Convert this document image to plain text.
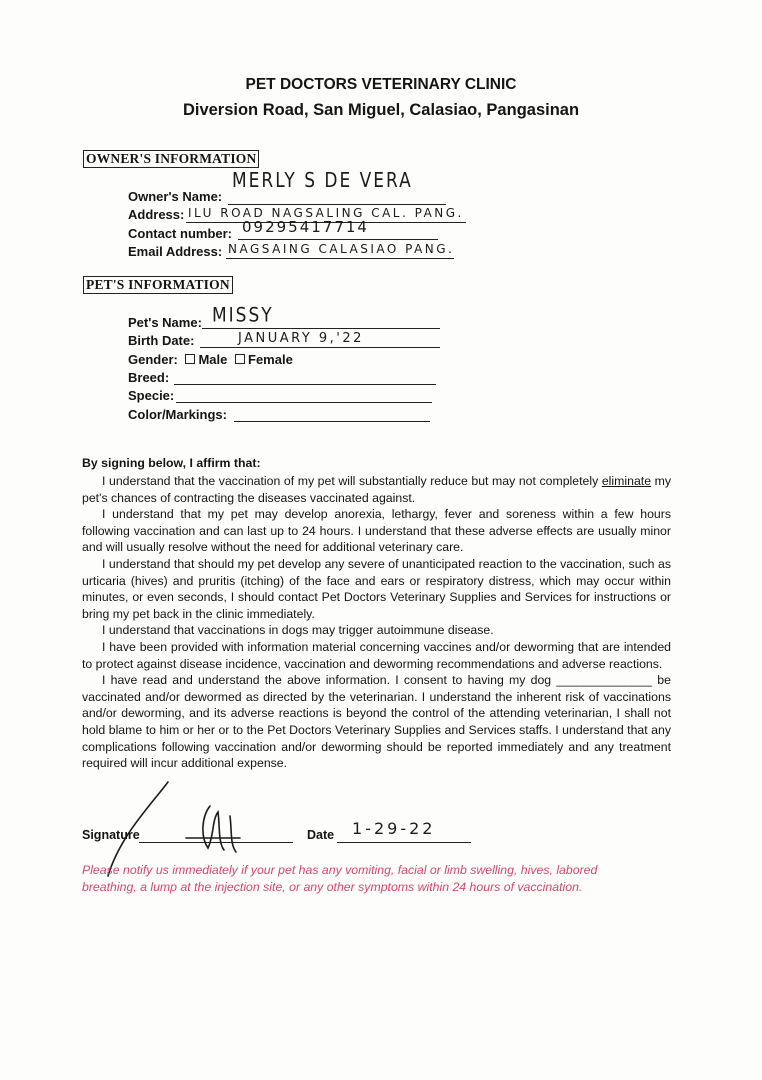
PET DOCTORS VETERINARY CLINIC
Diversion Road, San Miguel, Calasiao, Pangasinan
OWNER'S INFORMATION
Owner's Name:
MERLY S DE VERA
Address: ILU ROAD NAGSALING CAL. PANG.
Contact number: 09295417714
Email Address: NAGSAING CALASIAO PANG.
PET'S INFORMATION
Pet's Name: MISSY
Birth Date:	JANUARY 9,'22
Gender: Male Female
Breed:
Specie:
Color/Markings:
By signing below, I affirm that:

I understand that the vaccination of my pet will substantially reduce but may not completely eliminate my pet's chances of contracting the diseases vaccinated against.

I understand that my pet may develop anorexia, lethargy, fever and soreness within a few hours following vaccination and can last up to 24 hours. I understand that these adverse effects are usually minor and will usually resolve without the need for additional veterinary care.

I understand that should my pet develop any severe of unanticipated reaction to the vaccination, such as urticaria (hives) and pruritis (itching) of the face and ears or respiratory distress, which may occur within minutes, or even seconds, I should contact Pet Doctors Veterinary Supplies and Services for instructions or bring my pet back in the clinic immediately.

I understand that vaccinations in dogs may trigger autoimmune disease.

I have been provided with information material concerning vaccines and/or deworming that are intended to protect against disease incidence, vaccination and deworming recommendations and adverse reactions.

I have read and understand the above information. I consent to having my dog ______________ be vaccinated and/or dewormed as directed by the veterinarian. I understand the inherent risk of vaccinations and/or deworming, and its adverse reactions is beyond the control of the attending veterinarian, I shall not hold blame to him or her or to the Pet Doctors Veterinary Supplies and Services staffs. I understand that any complications following vaccination and/or deworming should be reported immediately and any treatment required will incur additional expense.

Signature	Date 1-29-22
Please notify us immediately if your pet has any vomiting, facial or limb swelling, hives, labored breathing, a lump at the injection site, or any other symptoms within 24 hours of vaccination.
